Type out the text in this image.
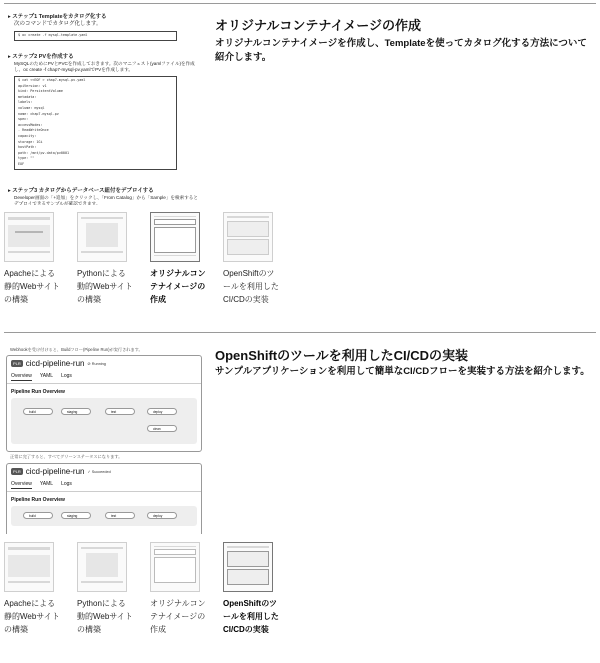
▸ ステップ1 Templateをカタログ化する
次のコマンドでカタログ化します。
$ oc create -f mysql-template.yaml
▸ ステップ2 PVを作成する
MySQLのためにPVとPVCを作成しておきます。次のマニフェスト(yamlファイル)を作成し、oc create -f chap7-mysql-pv.yamlでPVを作成します。
$ cat <<EOF > chap7-mysql-pv.yaml
apiVersion: v1
kind: PersistentVolume
metadata:
labels:
volume: mysql
name: chap7-mysql-pv
spec:
accessModes:
- ReadWriteOnce
capacity:
storage: 1Gi
hostPath:
path: /mnt/pv-data/pv0001
type: ""
EOF
▸ ステップ3 カタログからデータベース紐付をデプロイする
Developer画面の「+追加」をクリックし、「From Catalog」から「Sample」を検索するとデプロイできるサンプルが確認できます。
オリジナルコンテナイメージの作成
オリジナルコンテナイメージを作成し、Templateを使ってカタログ化する方法について紹介します。
Apacheによる静的Webサイトの構築
Pythonによる動的Webサイトの構築
オリジナルコンテナイメージの作成
OpenShiftのツールを利用したCI/CDの実装
Webhookを受け付けると、Buildフロー(Pipeline Run)が実行されます。
PLR cicd-pipeline-run ⊘ Running
Overview YAML Logs
Pipeline Run Overview
build	staging	test	deploy
clean
正常に完了すると、すべてグリーンステータスになります。
PLR cicd-pipeline-run ✓ Succeeded
Overview YAML Logs
Pipeline Run Overview
build	staging	test	deploy
OpenShiftのツールを利用したCI/CDの実装
サンプルアプリケーションを利用して簡単なCI/CDフローを実装する方法を紹介します。
Apacheによる静的Webサイトの構築
Pythonによる動的Webサイトの構築
オリジナルコンテナイメージの作成
OpenShiftのツールを利用したCI/CDの実装
